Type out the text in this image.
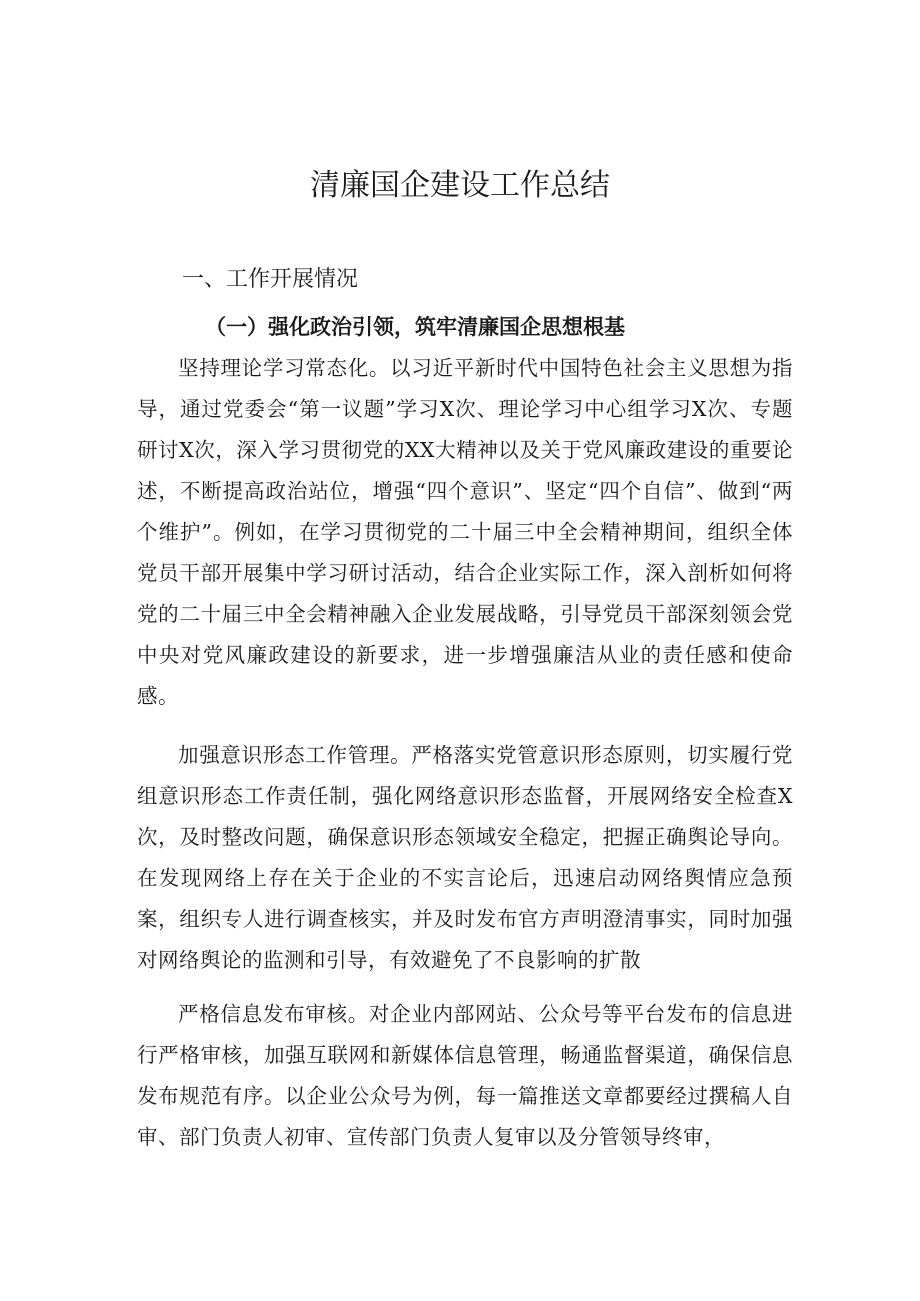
清廉国企建设工作总结
一、工作开展情况
（一）强化政治引领，筑牢清廉国企思想根基

坚持理论学习常态化。以习近平新时代中国特色社会主义思想为指导，通过党委会“第一议题”学习X次、理论学习中心组学习X次、专题研讨X次，深入学习贯彻党的XX大精神以及关于党风廉政建设的重要论述，不断提高政治站位，增强“四个意识”、坚定“四个自信”、做到“两个维护”。例如，在学习贯彻党的二十届三中全会精神期间，组织全体党员干部开展集中学习研讨活动，结合企业实际工作，深入剖析如何将党的二十届三中全会精神融入企业发展战略，引导党员干部深刻领会党中央对党风廉政建设的新要求，进一步增强廉洁从业的责任感和使命感。

加强意识形态工作管理。严格落实党管意识形态原则，切实履行党组意识形态工作责任制，强化网络意识形态监督，开展网络安全检查X次，及时整改问题，确保意识形态领域安全稳定，把握正确舆论导向。在发现网络上存在关于企业的不实言论后，迅速启动网络舆情应急预案，组织专人进行调查核实，并及时发布官方声明澄清事实，同时加强对网络舆论的监测和引导，有效避免了不良影响的扩散

严格信息发布审核。对企业内部网站、公众号等平台发布的信息进行严格审核，加强互联网和新媒体信息管理，畅通监督渠道，确保信息发布规范有序。以企业公众号为例，每一篇推送文章都要经过撰稿人自审、部门负责人初审、宣传部门负责人复审以及分管领导终审，
